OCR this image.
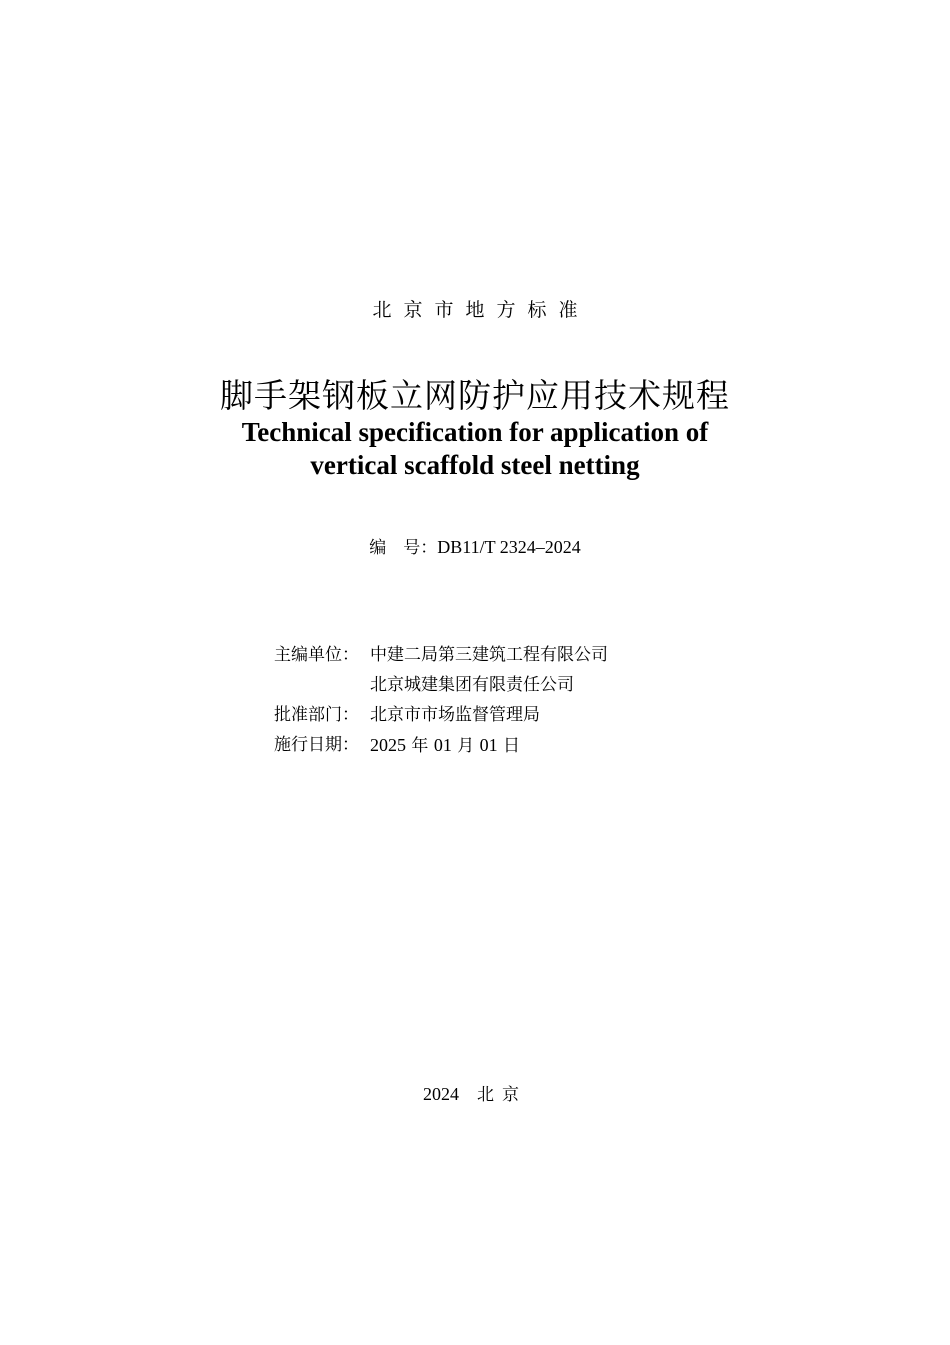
北京市地方标准
脚手架钢板立网防护应用技术规程
Technical specification for application of
vertical scaffold steel netting
编　号：DB11/T 2324–2024
主编单位： 中建二局第三建筑工程有限公司
北京城建集团有限责任公司
批准部门： 北京市市场监督管理局
施行日期： 2025 年 01 月 01 日
2024 北京
